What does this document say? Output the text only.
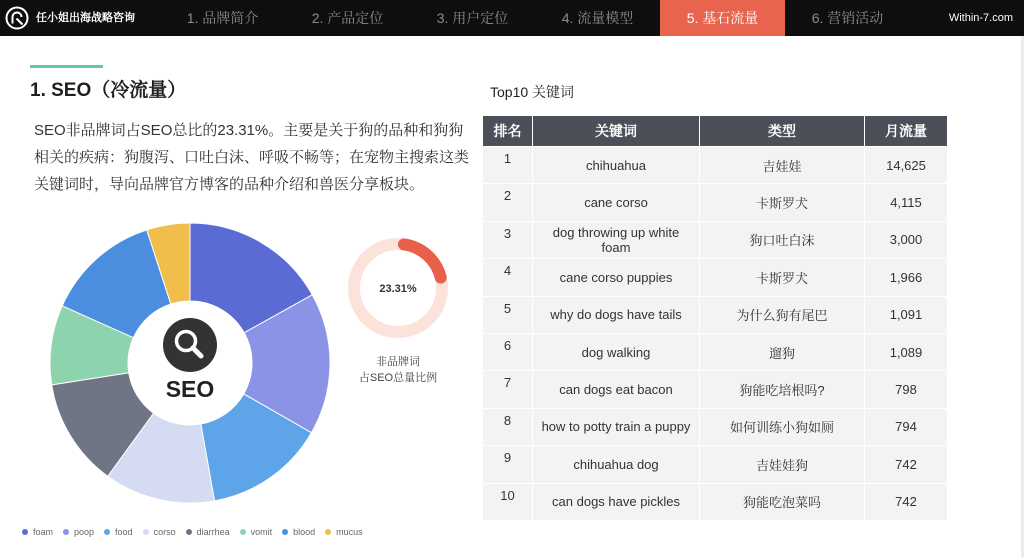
任小姐出海战略咨询	1. 品牌简介	2. 产品定位	3. 用户定位	4. 流量模型	5. 基石流量	6. 营销活动	Within-7.com
1. SEO（冷流量）
SEO非品牌词占SEO总比的23.31%。主要是关于狗的品种和狗狗
相关的疾病：狗腹泻、口吐白沫、呼吸不畅等；在宠物主搜索这类
关键词时，导向品牌官方博客的品种介绍和兽医分享板块。
SEO
23.31%
非品牌词
占SEO总量比例
foam poop food corso diarrhea vomit blood mucus
Top10 关键词
排名	关键词	类型	月流量
1	chihuahua	吉娃娃	14,625
2	cane corso	卡斯罗犬	4,115
3	dog throwing up white foam	狗口吐白沫	3,000
4	cane corso puppies	卡斯罗犬	1,966
5	why do dogs have tails	为什么狗有尾巴	1,091
6	dog walking	遛狗	1,089
7	can dogs eat bacon	狗能吃培根吗?	798
8 how to potty train a puppy	如何训练小狗如厕	794
9	chihuahua dog	吉娃娃狗	742
10	can dogs have pickles	狗能吃泡菜吗	742
